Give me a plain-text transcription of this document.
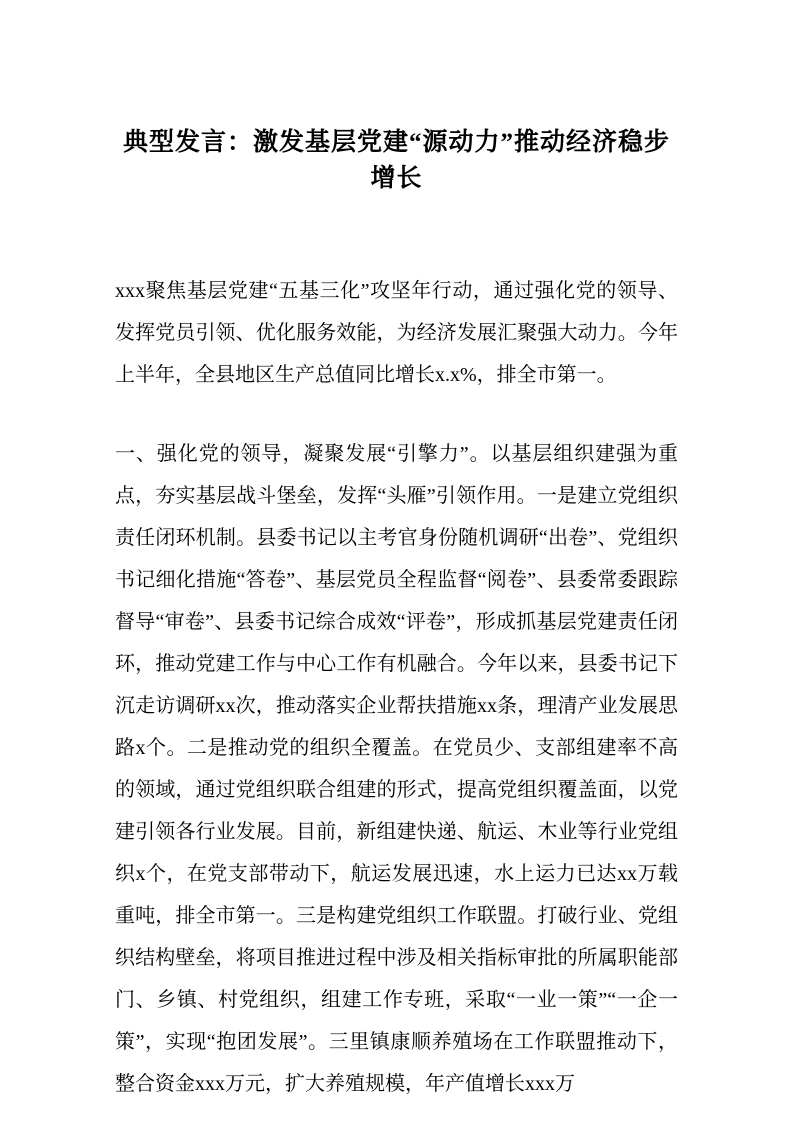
典型发言：激发基层党建“源动力”推动经济稳步增长

xxx聚焦基层党建“五基三化”攻坚年行动，通过强化党的领导、发挥党员引领、优化服务效能，为经济发展汇聚强大动力。今年上半年，全县地区生产总值同比增长x.x%，排全市第一。

一、强化党的领导，凝聚发展“引擎力”。以基层组织建强为重点，夯实基层战斗堡垒，发挥“头雁”引领作用。一是建立党组织责任闭环机制。县委书记以主考官身份随机调研“出卷”、党组织书记细化措施“答卷”、基层党员全程监督“阅卷”、县委常委跟踪督导“审卷”、县委书记综合成效“评卷”，形成抓基层党建责任闭环，推动党建工作与中心工作有机融合。今年以来，县委书记下沉走访调研xx次，推动落实企业帮扶措施xx条，理清产业发展思路x个。二是推动党的组织全覆盖。在党员少、支部组建率不高的领域，通过党组织联合组建的形式，提高党组织覆盖面，以党建引领各行业发展。目前，新组建快递、航运、木业等行业党组织x个，在党支部带动下，航运发展迅速，水上运力已达xx万载重吨，排全市第一。三是构建党组织工作联盟。打破行业、党组织结构壁垒，将项目推进过程中涉及相关指标审批的所属职能部门、乡镇、村党组织，组建工作专班，采取“一业一策”“一企一策”，实现“抱团发展”。三里镇康顺养殖场在工作联盟推动下，整合资金xxx万元，扩大养殖规模，年产值增长xxx万
